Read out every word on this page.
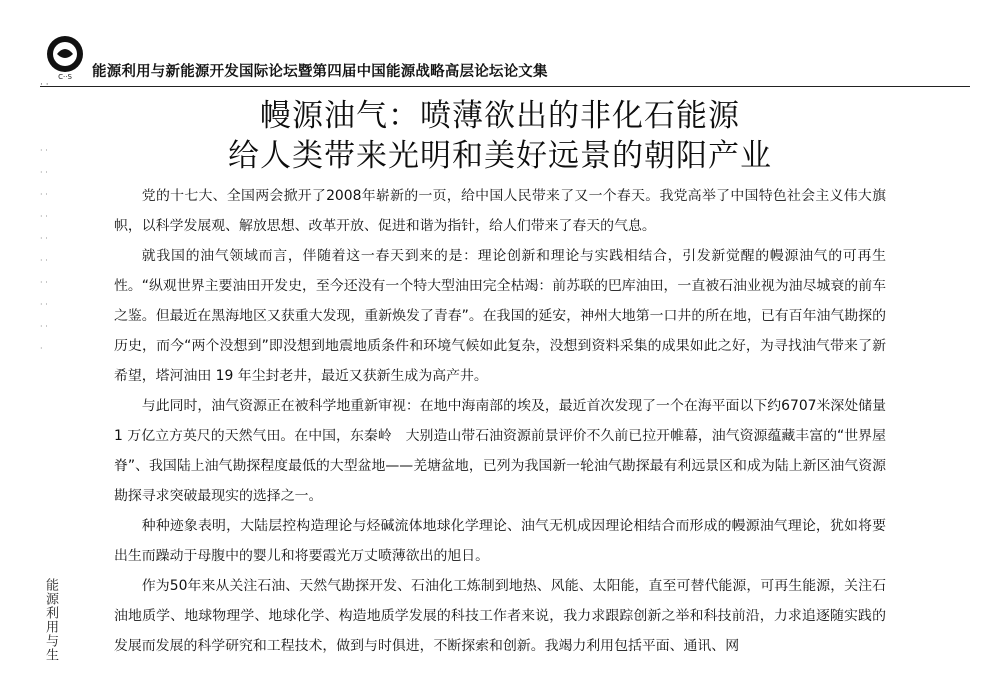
C··S 能源利用与新能源开发国际论坛暨第四届中国能源战略高层论坛论文集
· ·
幔源油气：喷薄欲出的非化石能源
给人类带来光明和美好远景的朝阳产业

党的十七大、全国两会掀开了2008年崭新的一页，给中国人民带来了又一个春天。我党高举了中国特色社会主义伟大旗帜，以科学发展观、解放思想、改革开放、促进和谐为指针，给人们带来了春天的气息。

就我国的油气领域而言，伴随着这一春天到来的是：理论创新和理论与实践相结合，引发新觉醒的幔源油气的可再生性。“纵观世界主要油田开发史，至今还没有一个特大型油田完全枯竭：前苏联的巴库油田，一直被石油业视为油尽城衰的前车之鉴。但最近在黑海地区又获重大发现，重新焕发了青春”。在我国的延安，神州大地第一口井的所在地，已有百年油气勘探的历史，而今“两个没想到”即没想到地震地质条件和环境气候如此复杂，没想到资料采集的成果如此之好，为寻找油气带来了新希望，塔河油田 19 年尘封老井，最近又获新生成为高产井。

与此同时，油气资源正在被科学地重新审视：在地中海南部的埃及，最近首次发现了一个在海平面以下约6707米深处储量 1 万亿立方英尺的天然气田。在中国，东秦岭　大别造山带石油资源前景评价不久前已拉开帷幕，油气资源蕴藏丰富的“世界屋脊”、我国陆上油气勘探程度最低的大型盆地——羌塘盆地，已列为我国新一轮油气勘探最有利远景区和成为陆上新区油气资源勘探寻求突破最现实的选择之一。

种种迹象表明，大陆层控构造理论与烃碱流体地球化学理论、油气无机成因理论相结合而形成的幔源油气理论，犹如将要出生而躁动于母腹中的婴儿和将要霞光万丈喷薄欲出的旭日。

作为50年来从关注石油、天然气勘探开发、石油化工炼制到地热、风能、太阳能，直至可替代能源，可再生能源，关注石油地质学、地球物理学、地球化学、构造地质学发展的科技工作者来说，我力求跟踪创新之举和科技前沿，力求追逐随实践的发展而发展的科学研究和工程技术，做到与时俱进，不断探索和创新。我竭力利用包括平面、通讯、网

· · · · · · · · · · · · · · · · · · ·
能源利用与生
